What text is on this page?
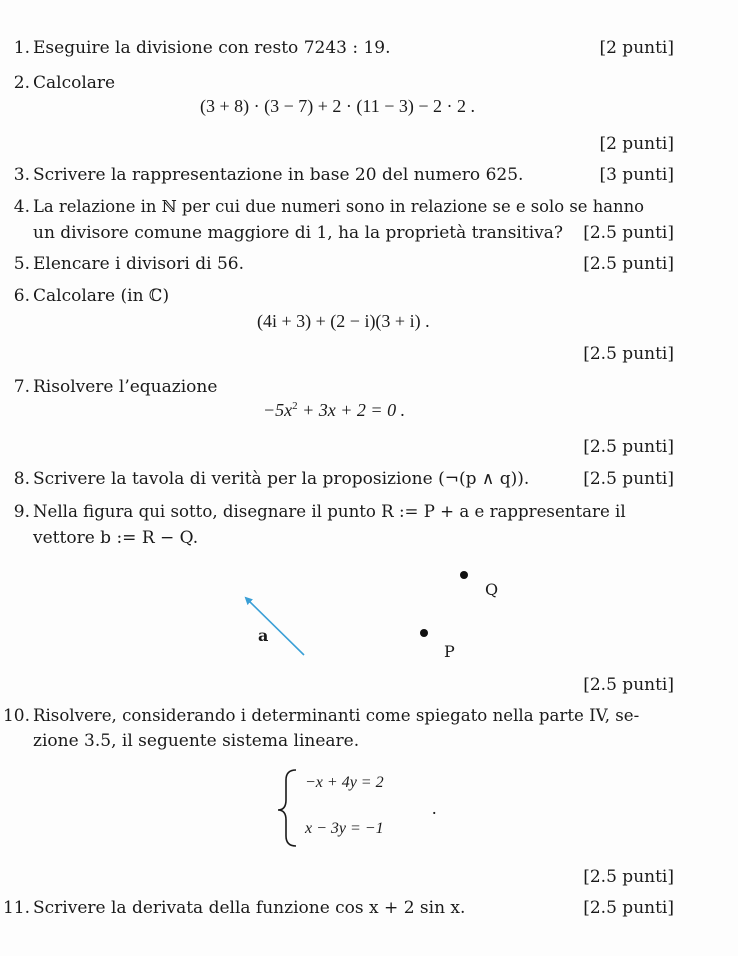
1. Eseguire la divisione con resto 7243 : 19.	[2 punti]
2. Calcolare
(3 + 8) · (3 − 7) + 2 · (11 − 3) − 2 · 2 .
[2 punti]
3. Scrivere la rappresentazione in base 20 del numero 625.	[3 punti]
4. La relazione in ℕ per cui due numeri sono in relazione se e solo se hanno
un divisore comune maggiore di 1, ha la proprietà transitiva? [2.5 punti]
5. Elencare i divisori di 56.	[2.5 punti]
6. Calcolare (in ℂ)
(4i + 3) + (2 − i)(3 + i) .
[2.5 punti]
7. Risolvere l’equazione
$-5x^2 + 3x + 2 = 0$ .
[2.5 punti]
8. Scrivere la tavola di verità per la proposizione (¬(p ∧ q)).	[2.5 punti]
9. Nella figura qui sotto, disegnare il punto R := P + a e rappresentare il
vettore b := R − Q.
a
Q
P
[2.5 punti]
10. Risolvere, considerando i determinanti come spiegato nella parte IV, se-
zione 3.5, il seguente sistema lineare.
−x + 4y = 2
x − 3y = −1
.
[2.5 punti]
11. Scrivere la derivata della funzione cos x + 2 sin x.	[2.5 punti]
